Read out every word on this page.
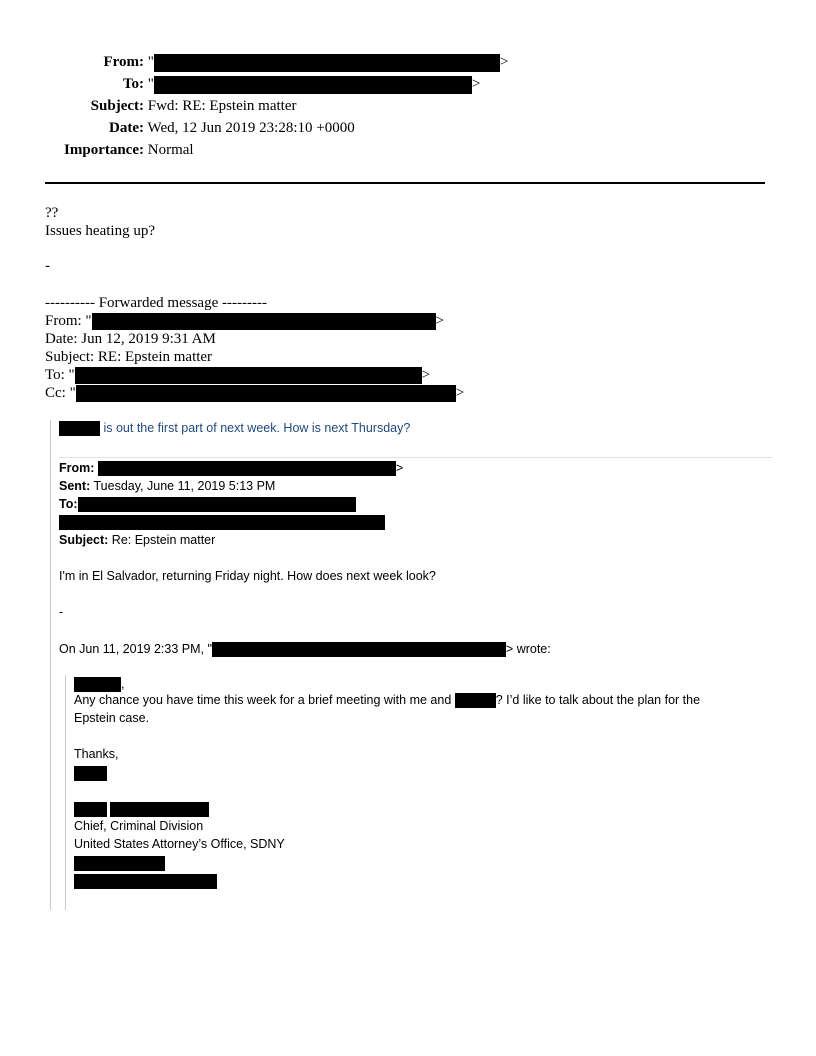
From: "	>
To: "	>
Subject: Fwd: RE: Epstein matter
Date: Wed, 12 Jun 2019 23:28:10 +0000
Importance: Normal
??
Issues heating up?
-
---------- Forwarded message ---------
From: "	>
Date: Jun 12, 2019 9:31 AM
Subject: RE: Epstein matter
To: "	>
Cc: "	>
is out the first part of next week. How is next Thursday?
From:	>
Sent: Tuesday, June 11, 2019 5:13 PM
To:
Subject: Re: Epstein matter
I'm in El Salvador, returning Friday night. How does next week look?
-
On Jun 11, 2019 2:33 PM, "	> wrote:
,
Any chance you have time this week for a brief meeting with me and	? I’d like to talk about the plan for the
Epstein case.
Thanks,

Chief, Criminal Division
United States Attorney’s Office, SDNY
